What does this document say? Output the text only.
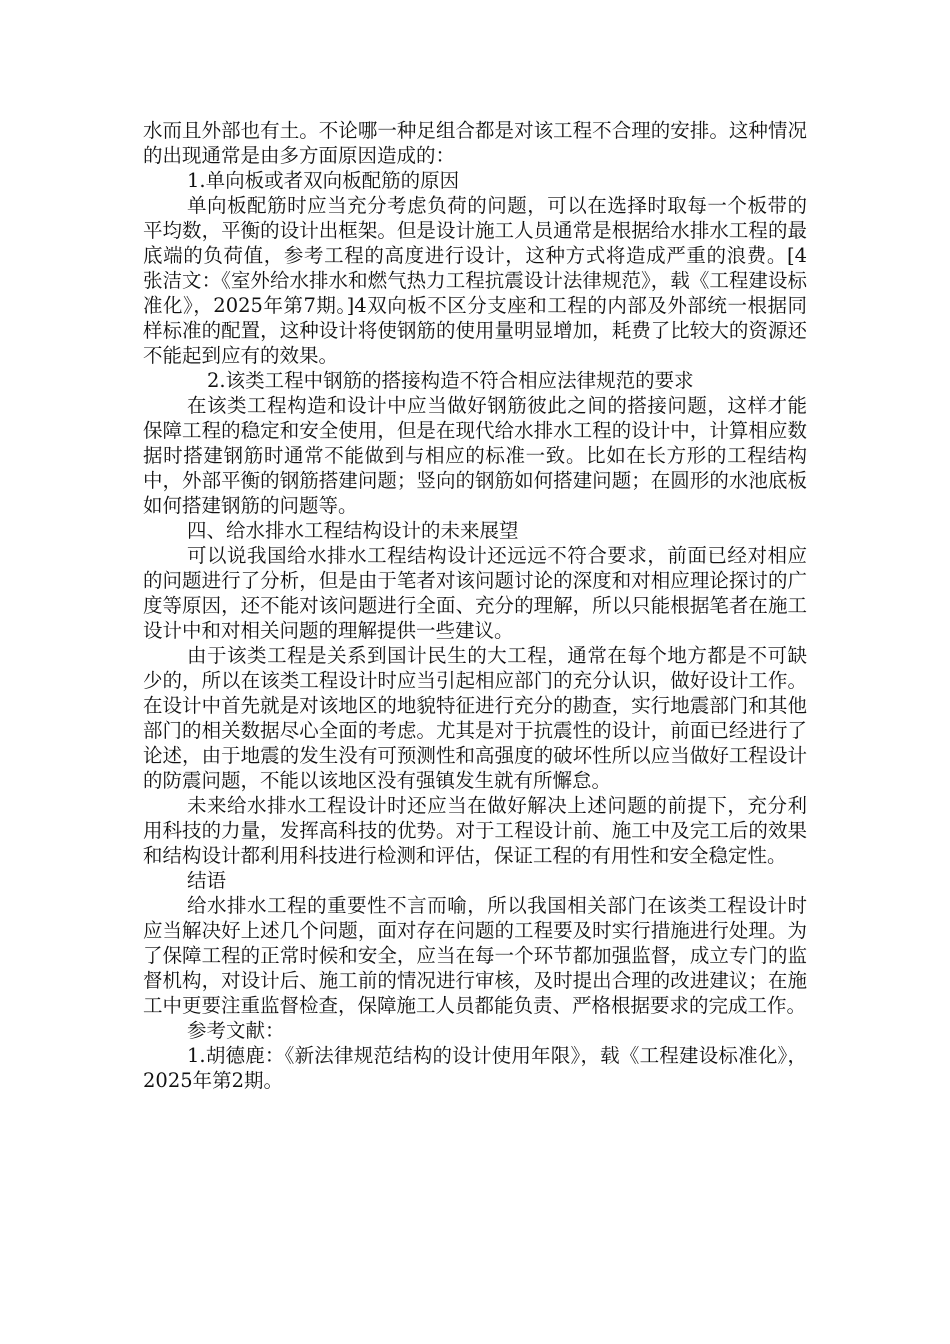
水而且外部也有土。不论哪一种足组合都是对该工程不合理的安排。这种情况的出现通常是由多方面原因造成的：

1.单向板或者双向板配筋的原因

单向板配筋时应当充分考虑负荷的问题，可以在选择时取每一个板带的平均数，平衡的设计出框架。但是设计施工人员通常是根据给水排水工程的最底端的负荷值，参考工程的高度进行设计，这种方式将造成严重的浪费。[4 张洁文：《室外给水排水和燃气热力工程抗震设计法律规范》，载《工程建设标准化》，2025年第7期。]4双向板不区分支座和工程的内部及外部统一根据同样标准的配置，这种设计将使钢筋的使用量明显增加，耗费了比较大的资源还不能起到应有的效果。

2.该类工程中钢筋的搭接构造不符合相应法律规范的要求

在该类工程构造和设计中应当做好钢筋彼此之间的搭接问题，这样才能保障工程的稳定和安全使用，但是在现代给水排水工程的设计中，计算相应数据时搭建钢筋时通常不能做到与相应的标准一致。比如在长方形的工程结构中，外部平衡的钢筋搭建问题；竖向的钢筋如何搭建问题；在圆形的水池底板如何搭建钢筋的问题等。

四、给水排水工程结构设计的未来展望

可以说我国给水排水工程结构设计还远远不符合要求，前面已经对相应的问题进行了分析，但是由于笔者对该问题讨论的深度和对相应理论探讨的广度等原因，还不能对该问题进行全面、充分的理解，所以只能根据笔者在施工设计中和对相关问题的理解提供一些建议。

由于该类工程是关系到国计民生的大工程，通常在每个地方都是不可缺少的，所以在该类工程设计时应当引起相应部门的充分认识，做好设计工作。在设计中首先就是对该地区的地貌特征进行充分的勘查，实行地震部门和其他部门的相关数据尽心全面的考虑。尤其是对于抗震性的设计，前面已经进行了论述，由于地震的发生没有可预测性和高强度的破坏性所以应当做好工程设计的防震问题，不能以该地区没有强镇发生就有所懈怠。

未来给水排水工程设计时还应当在做好解决上述问题的前提下，充分利用科技的力量，发挥高科技的优势。对于工程设计前、施工中及完工后的效果和结构设计都利用科技进行检测和评估，保证工程的有用性和安全稳定性。

结语

给水排水工程的重要性不言而喻，所以我国相关部门在该类工程设计时应当解决好上述几个问题，面对存在问题的工程要及时实行措施进行处理。为了保障工程的正常时候和安全，应当在每一个环节都加强监督，成立专门的监督机构，对设计后、施工前的情况进行审核，及时提出合理的改进建议；在施工中更要注重监督检查，保障施工人员都能负责、严格根据要求的完成工作。

参考文献：

1.胡德鹿：《新法律规范结构的设计使用年限》，载《工程建设标准化》，2025年第2期。
